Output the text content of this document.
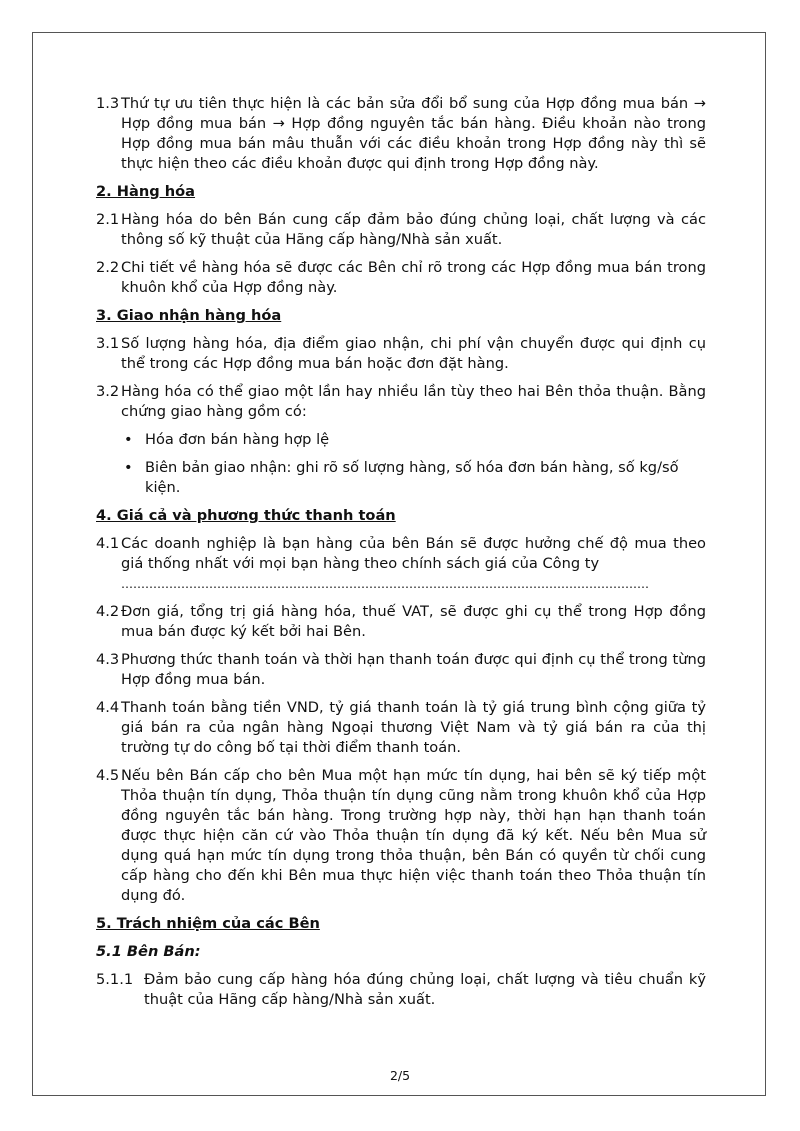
1.3 Thứ tự ưu tiên thực hiện là các bản sửa đổi bổ sung của Hợp đồng mua bán → Hợp đồng mua bán → Hợp đồng nguyên tắc bán hàng. Điều khoản nào trong Hợp đồng mua bán mâu thuẫn với các điều khoản trong Hợp đồng này thì sẽ thực hiện theo các điều khoản được qui định trong Hợp đồng này.
2. Hàng hóa
2.1 Hàng hóa do bên Bán cung cấp đảm bảo đúng chủng loại, chất lượng và các thông số kỹ thuật của Hãng cấp hàng/Nhà sản xuất.
2.2 Chi tiết về hàng hóa sẽ được các Bên chỉ rõ trong các Hợp đồng mua bán trong khuôn khổ của Hợp đồng này.
3. Giao nhận hàng hóa
3.1 Số lượng hàng hóa, địa điểm giao nhận, chi phí vận chuyển được qui định cụ thể trong các Hợp đồng mua bán hoặc đơn đặt hàng.
3.2 Hàng hóa có thể giao một lần hay nhiều lần tùy theo hai Bên thỏa thuận. Bằng chứng giao hàng gồm có:
• Hóa đơn bán hàng hợp lệ
• Biên bản giao nhận: ghi rõ số lượng hàng, số hóa đơn bán hàng, số kg/số kiện.
4. Giá cả và phương thức thanh toán
4.1 Các doanh nghiệp là bạn hàng của bên Bán sẽ được hưởng chế độ mua theo giá thống nhất với mọi bạn hàng theo chính sách giá của Công ty
……………………………………………………………………………………………………………………
4.2 Đơn giá, tổng trị giá hàng hóa, thuế VAT, sẽ được ghi cụ thể trong Hợp đồng mua bán được ký kết bởi hai Bên.
4.3 Phương thức thanh toán và thời hạn thanh toán được qui định cụ thể trong từng Hợp đồng mua bán.
4.4 Thanh toán bằng tiền VND, tỷ giá thanh toán là tỷ giá trung bình cộng giữa tỷ giá bán ra của ngân hàng Ngoại thương Việt Nam và tỷ giá bán ra của thị trường tự do công bố tại thời điểm thanh toán.
4.5 Nếu bên Bán cấp cho bên Mua một hạn mức tín dụng, hai bên sẽ ký tiếp một Thỏa thuận tín dụng, Thỏa thuận tín dụng cũng nằm trong khuôn khổ của Hợp đồng nguyên tắc bán hàng. Trong trường hợp này, thời hạn hạn thanh toán được thực hiện căn cứ vào Thỏa thuận tín dụng đã ký kết. Nếu bên Mua sử dụng quá hạn mức tín dụng trong thỏa thuận, bên Bán có quyền từ chối cung cấp hàng cho đến khi Bên mua thực hiện việc thanh toán theo Thỏa thuận tín dụng đó.
5. Trách nhiệm của các Bên
5.1 Bên Bán:
5.1.1 Đảm bảo cung cấp hàng hóa đúng chủng loại, chất lượng và tiêu chuẩn kỹ thuật của Hãng cấp hàng/Nhà sản xuất.
2/5
